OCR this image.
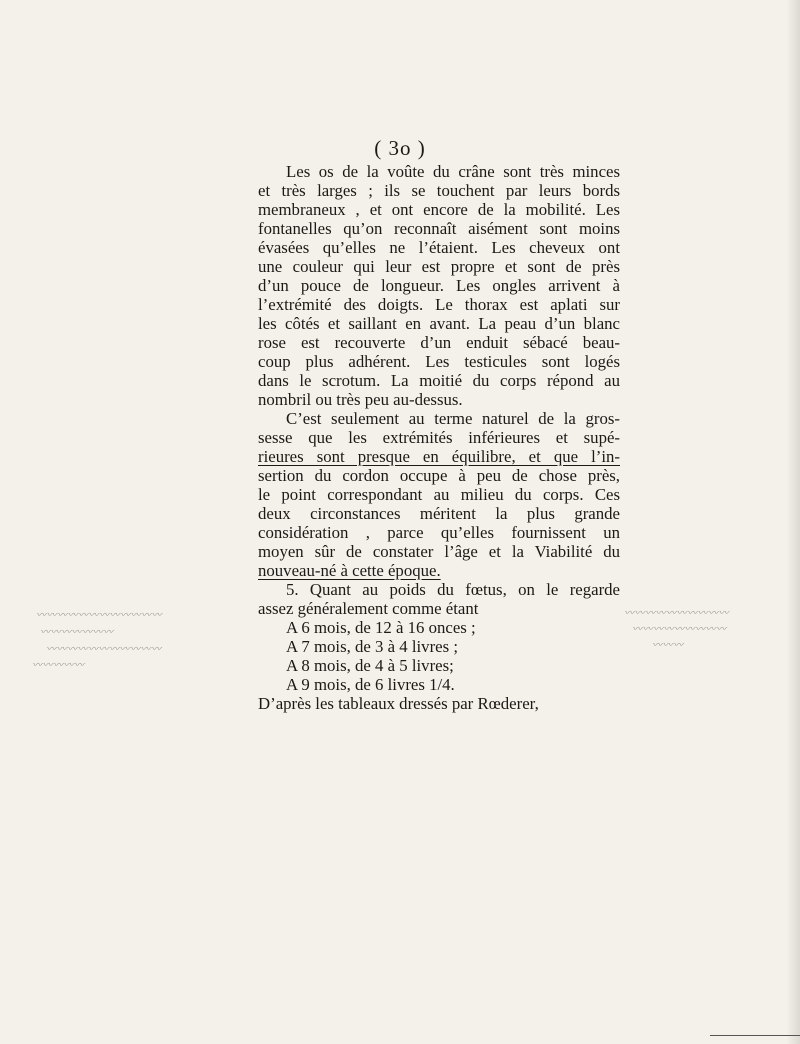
( 3o )
Les os de la voûte du crâne sont très minces
et très larges ; ils se touchent par leurs bords
membraneux , et ont encore de la mobilité. Les
fontanelles qu’on reconnaît aisément sont moins
évasées qu’elles ne l’étaient. Les cheveux ont
une couleur qui leur est propre et sont de près
d’un pouce de longueur. Les ongles arrivent à
l’extrémité des doigts. Le thorax est aplati sur
les côtés et saillant en avant. La peau d’un blanc
rose est recouverte d’un enduit sébacé beau-
coup plus adhérent. Les testicules sont logés
dans le scrotum. La moitié du corps répond au
nombril ou très peu au-dessus.
C’est seulement au terme naturel de la gros-
sesse que les extrémités inférieures et supé-
rieures sont presque en équilibre, et que l’in-
sertion du cordon occupe à peu de chose près,
le point correspondant au milieu du corps. Ces
deux circonstances méritent la plus grande
considération , parce qu’elles fournissent un
moyen sûr de constater l’âge et la Viabilité du
nouveau-né à cette époque.
5. Quant au poids du fœtus, on le regarde
assez généralement comme étant
A 6 mois, de 12 à 16 onces ;
A 7 mois, de 3 à 4 livres ;
A 8 mois, de 4 à 5 livres;
A 9 mois, de 6 livres 1/4.
D’après les tableaux dressés par Rœderer,
〰〰〰〰〰〰〰〰〰〰〰〰
〰〰〰〰〰〰〰
〰〰〰〰〰〰〰〰〰〰〰
〰〰〰〰〰
〰〰〰〰〰〰〰〰〰〰
〰〰〰〰〰〰〰〰〰
〰〰〰
